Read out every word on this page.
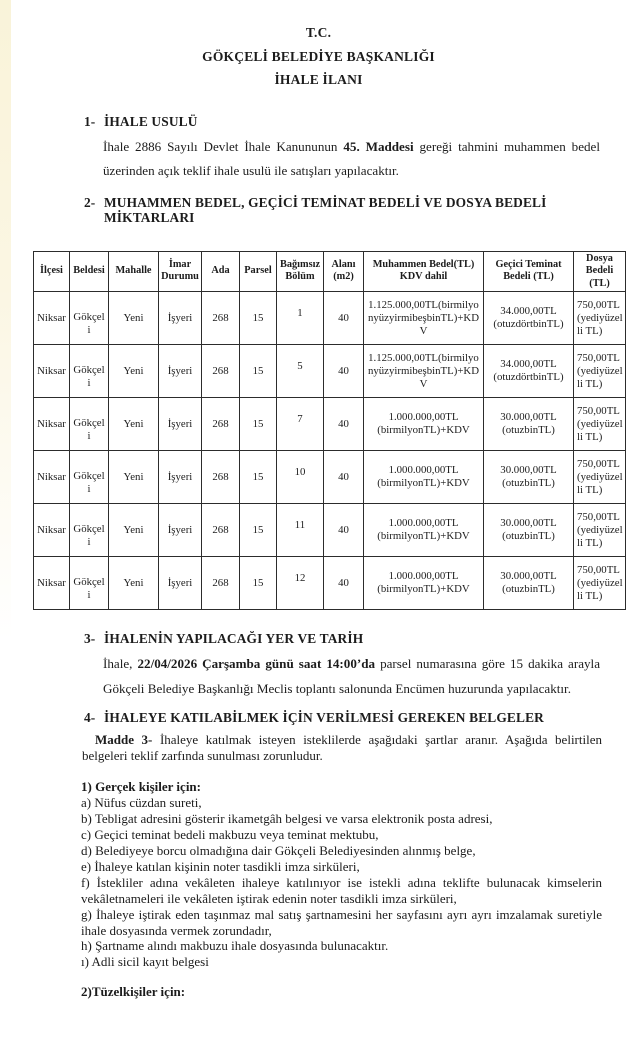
T.C.
GÖKÇELİ BELEDİYE BAŞKANLIĞI
İHALE İLANI
1- İHALE USULÜ

İhale 2886 Sayılı Devlet İhale Kanununun 45. Maddesi gereği tahmini muhammen bedel üzerinden açık teklif ihale usulü ile satışları yapılacaktır.

2- MUHAMMEN BEDEL, GEÇİCİ TEMİNAT BEDELİ VE DOSYA BEDELİ MİKTARLARI
İlçesi	Beldesi	Mahalle	İmar Durumu	Ada	Parsel	Bağımsız Bölüm	Alanı (m2)	Muhammen Bedel(TL) KDV dahil	Geçici Teminat Bedeli (TL)	Dosya Bedeli (TL)
Niksar	Gökçeli	Yeni	İşyeri	268	15	1	40	1.125.000,00TL(birmilyonyüzyirmibeşbinTL)+KDV	34.000,00TL (otuzdörtbinTL)	750,00TL (yediyüzelli TL)
Niksar	Gökçeli	Yeni	İşyeri	268	15	5	40	1.125.000,00TL(birmilyonyüzyirmibeşbinTL)+KDV	34.000,00TL (otuzdörtbinTL)	750,00TL (yediyüzelli TL)
Niksar	Gökçeli	Yeni	İşyeri	268	15	7	40	1.000.000,00TL (birmilyonTL)+KDV	30.000,00TL (otuzbinTL)	750,00TL (yediyüzelli TL)
Niksar	Gökçeli	Yeni	İşyeri	268	15	10	40	1.000.000,00TL (birmilyonTL)+KDV	30.000,00TL (otuzbinTL)	750,00TL (yediyüzelli TL)
Niksar	Gökçeli	Yeni	İşyeri	268	15	11	40	1.000.000,00TL (birmilyonTL)+KDV	30.000,00TL (otuzbinTL)	750,00TL (yediyüzelli TL)
Niksar	Gökçeli	Yeni	İşyeri	268	15	12	40	1.000.000,00TL (birmilyonTL)+KDV	30.000,00TL (otuzbinTL)	750,00TL (yediyüzelli TL)
3- İHALENİN YAPILACAĞI YER VE TARİH

İhale, 22/04/2026 Çarşamba günü saat 14:00’da parsel numarasına göre 15 dakika arayla Gökçeli Belediye Başkanlığı Meclis toplantı salonunda Encümen huzurunda yapılacaktır.

4- İHALEYE KATILABİLMEK İÇİN VERİLMESİ GEREKEN BELGELER

Madde 3- İhaleye katılmak isteyen isteklilerde aşağıdaki şartlar aranır. Aşağıda belirtilen belgeleri teklif zarfında sunulması zorunludur.

1) Gerçek kişiler için:
a) Nüfus cüzdan sureti,
b) Tebligat adresini gösterir ikametgâh belgesi ve varsa elektronik posta adresi,
c) Geçici teminat bedeli makbuzu veya teminat mektubu,
d) Belediyeye borcu olmadığına dair Gökçeli Belediyesinden alınmış belge,
e) İhaleye katılan kişinin noter tasdikli imza sirküleri,
f) İstekliler adına vekâleten ihaleye katılınıyor ise istekli adına teklifte bulunacak kimselerin vekâletnameleri ile vekâleten iştirak edenin noter tasdikli imza sirküleri,
g) İhaleye iştirak eden taşınmaz mal satış şartnamesini her sayfasını ayrı ayrı imzalamak suretiyle ihale dosyasında vermek zorundadır,
h) Şartname alındı makbuzu ihale dosyasında bulunacaktır.
ı) Adli sicil kayıt belgesi
2)Tüzelkişiler için:
